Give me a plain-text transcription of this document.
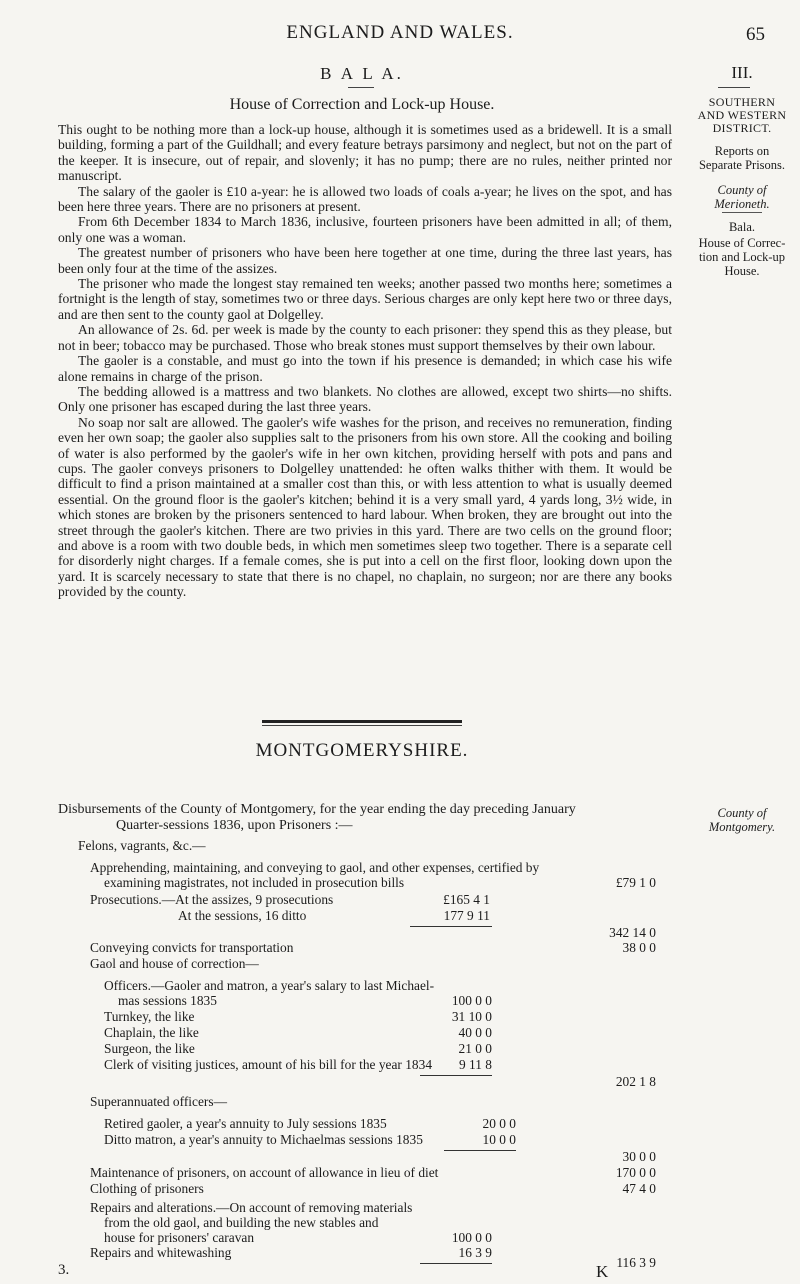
ENGLAND AND WALES.	65
III.
SOUTHERN
AND WESTERN
DISTRICT.
Reports on
Separate Prisons.
County of
Merioneth.
Bala.
House of Correc-
tion and Lock-up
House.
B A L A.
House of Correction and Lock-up House.

This ought to be nothing more than a lock-up house, although it is sometimes used as a bridewell. It is a small building, forming a part of the Guildhall; and every feature betrays parsimony and neglect, but not on the part of the keeper. It is insecure, out of repair, and slovenly; it has no pump; there are no rules, neither printed nor manuscript.

The salary of the gaoler is £10 a-year: he is allowed two loads of coals a-year; he lives on the spot, and has been here three years. There are no prisoners at present.

From 6th December 1834 to March 1836, inclusive, fourteen prisoners have been admitted in all; of them, only one was a woman.

The greatest number of prisoners who have been here together at one time, during the three last years, has been only four at the time of the assizes.

The prisoner who made the longest stay remained ten weeks; another passed two months here; sometimes a fortnight is the length of stay, sometimes two or three days. Serious charges are only kept here two or three days, and are then sent to the county gaol at Dolgelley.

An allowance of 2s. 6d. per week is made by the county to each prisoner: they spend this as they please, but not in beer; tobacco may be purchased. Those who break stones must support themselves by their own labour.

The gaoler is a constable, and must go into the town if his presence is demanded; in which case his wife alone remains in charge of the prison.

The bedding allowed is a mattress and two blankets. No clothes are allowed, except two shirts—no shifts. Only one prisoner has escaped during the last three years.

No soap nor salt are allowed. The gaoler's wife washes for the prison, and receives no remuneration, finding even her own soap; the gaoler also supplies salt to the prisoners from his own store. All the cooking and boiling of water is also performed by the gaoler's wife in her own kitchen, providing herself with pots and pans and cups. The gaoler conveys prisoners to Dolgelley unattended: he often walks thither with them. It would be difficult to find a prison maintained at a smaller cost than this, or with less attention to what is usually deemed essential. On the ground floor is the gaoler's kitchen; behind it is a very small yard, 4 yards long, 3½ wide, in which stones are broken by the prisoners sentenced to hard labour. When broken, they are brought out into the street through the gaoler's kitchen. There are two privies in this yard. There are two cells on the ground floor; and above is a room with two double beds, in which men sometimes sleep two together. There is a separate cell for disorderly night charges. If a female comes, she is put into a cell on the first floor, looking down upon the yard. It is scarcely necessary to state that there is no chapel, no chaplain, no surgeon; nor are there any books provided by the county.

MONTGOMERYSHIRE.
County of
Montgomery.
Disbursements of the County of Montgomery, for the year ending the day preceding January
Quarter-sessions 1836, upon Prisoners :—
Felons, vagrants, &c.—
Apprehending, maintaining, and conveying to gaol, and other expenses, certified by
examining magistrates, not included in prosecution bills	£79 1 0
Prosecutions.—At the assizes, 9 prosecutions	£165 4 1
At the sessions, 16 ditto	177 9 11
342 14 0
Conveying convicts for transportation	38 0 0
Gaol and house of correction—
Officers.—Gaoler and matron, a year's salary to last Michael-
mas sessions 1835	100 0 0
Turnkey, the like	31 10 0
Chaplain, the like	40 0 0
Surgeon, the like	21 0 0
Clerk of visiting justices, amount of his bill for the year 1834	9 11 8
202 1 8
Superannuated officers—
Retired gaoler, a year's annuity to July sessions 1835	20 0 0
Ditto matron, a year's annuity to Michaelmas sessions 1835	10 0 0
30 0 0
Maintenance of prisoners, on account of allowance in lieu of diet	170 0 0
Clothing of prisoners	47 4 0
Repairs and alterations.—On account of removing materials
from the old gaol, and building the new stables and
house for prisoners' caravan	100 0 0
Repairs and whitewashing	16 3 9
116 3 9
3.	K
